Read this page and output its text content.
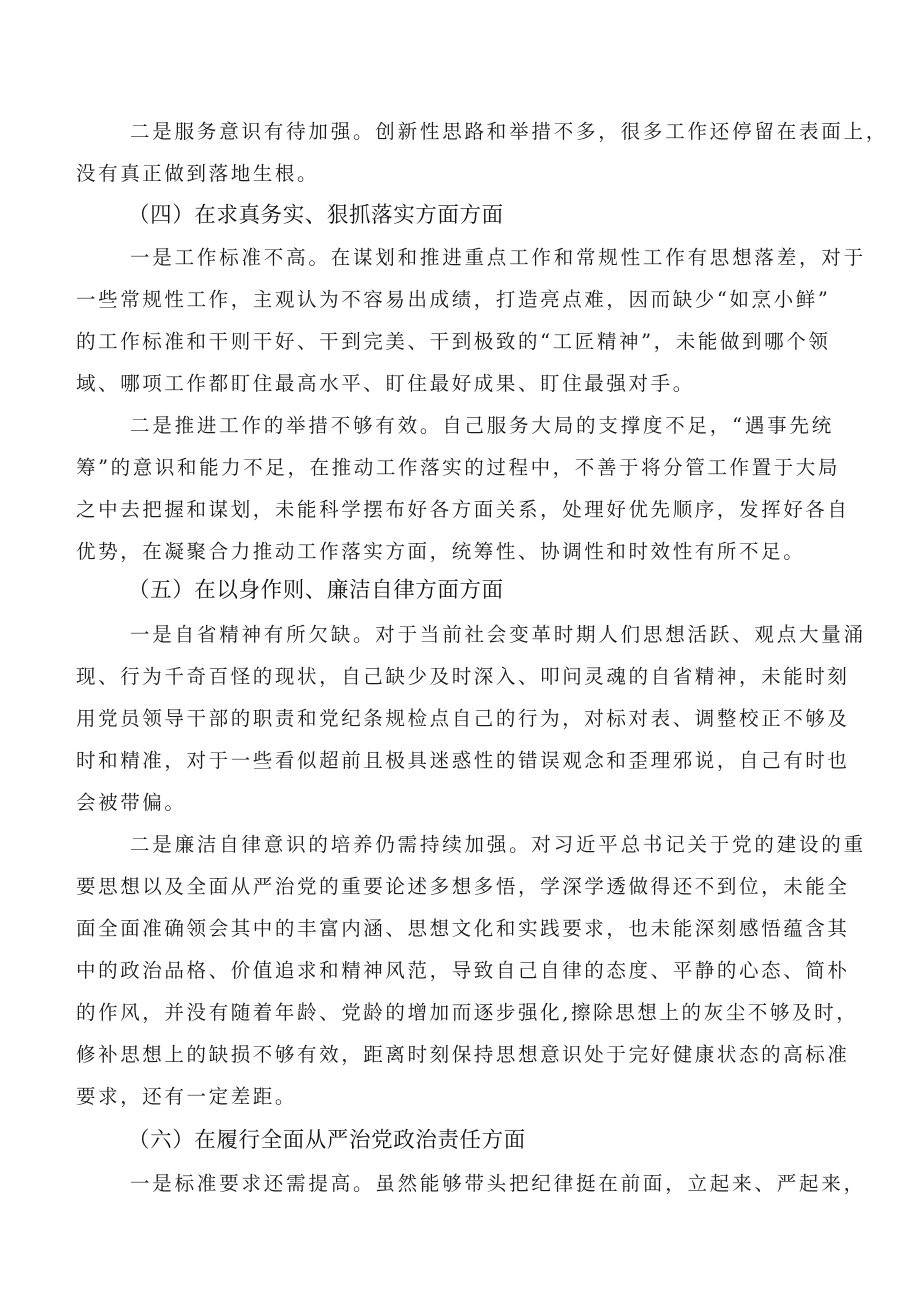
二是服务意识有待加强。创新性思路和举措不多，很多工作还停留在表面上，
没有真正做到落地生根。
（四）在求真务实、狠抓落实方面方面
一是工作标准不高。在谋划和推进重点工作和常规性工作有思想落差，对于
一些常规性工作，主观认为不容易出成绩，打造亮点难，因而缺少“如烹小鲜”
的工作标准和干则干好、干到完美、干到极致的“工匠精神”，未能做到哪个领
域、哪项工作都盯住最高水平、盯住最好成果、盯住最强对手。
二是推进工作的举措不够有效。自己服务大局的支撑度不足，“遇事先统
筹”的意识和能力不足，在推动工作落实的过程中，不善于将分管工作置于大局
之中去把握和谋划，未能科学摆布好各方面关系，处理好优先顺序，发挥好各自
优势，在凝聚合力推动工作落实方面，统筹性、协调性和时效性有所不足。
（五）在以身作则、廉洁自律方面方面
一是自省精神有所欠缺。对于当前社会变革时期人们思想活跃、观点大量涌
现、行为千奇百怪的现状，自己缺少及时深入、叩问灵魂的自省精神，未能时刻
用党员领导干部的职责和党纪条规检点自己的行为，对标对表、调整校正不够及
时和精准，对于一些看似超前且极具迷惑性的错误观念和歪理邪说，自己有时也
会被带偏。
二是廉洁自律意识的培养仍需持续加强。对习近平总书记关于党的建设的重
要思想以及全面从严治党的重要论述多想多悟，学深学透做得还不到位，未能全
面全面准确领会其中的丰富内涵、思想文化和实践要求，也未能深刻感悟蕴含其
中的政治品格、价值追求和精神风范，导致自己自律的态度、平静的心态、简朴
的作风，并没有随着年龄、党龄的增加而逐步强化,擦除思想上的灰尘不够及时，
修补思想上的缺损不够有效，距离时刻保持思想意识处于完好健康状态的高标准
要求，还有一定差距。
（六）在履行全面从严治党政治责任方面
一是标准要求还需提高。虽然能够带头把纪律挺在前面，立起来、严起来，
